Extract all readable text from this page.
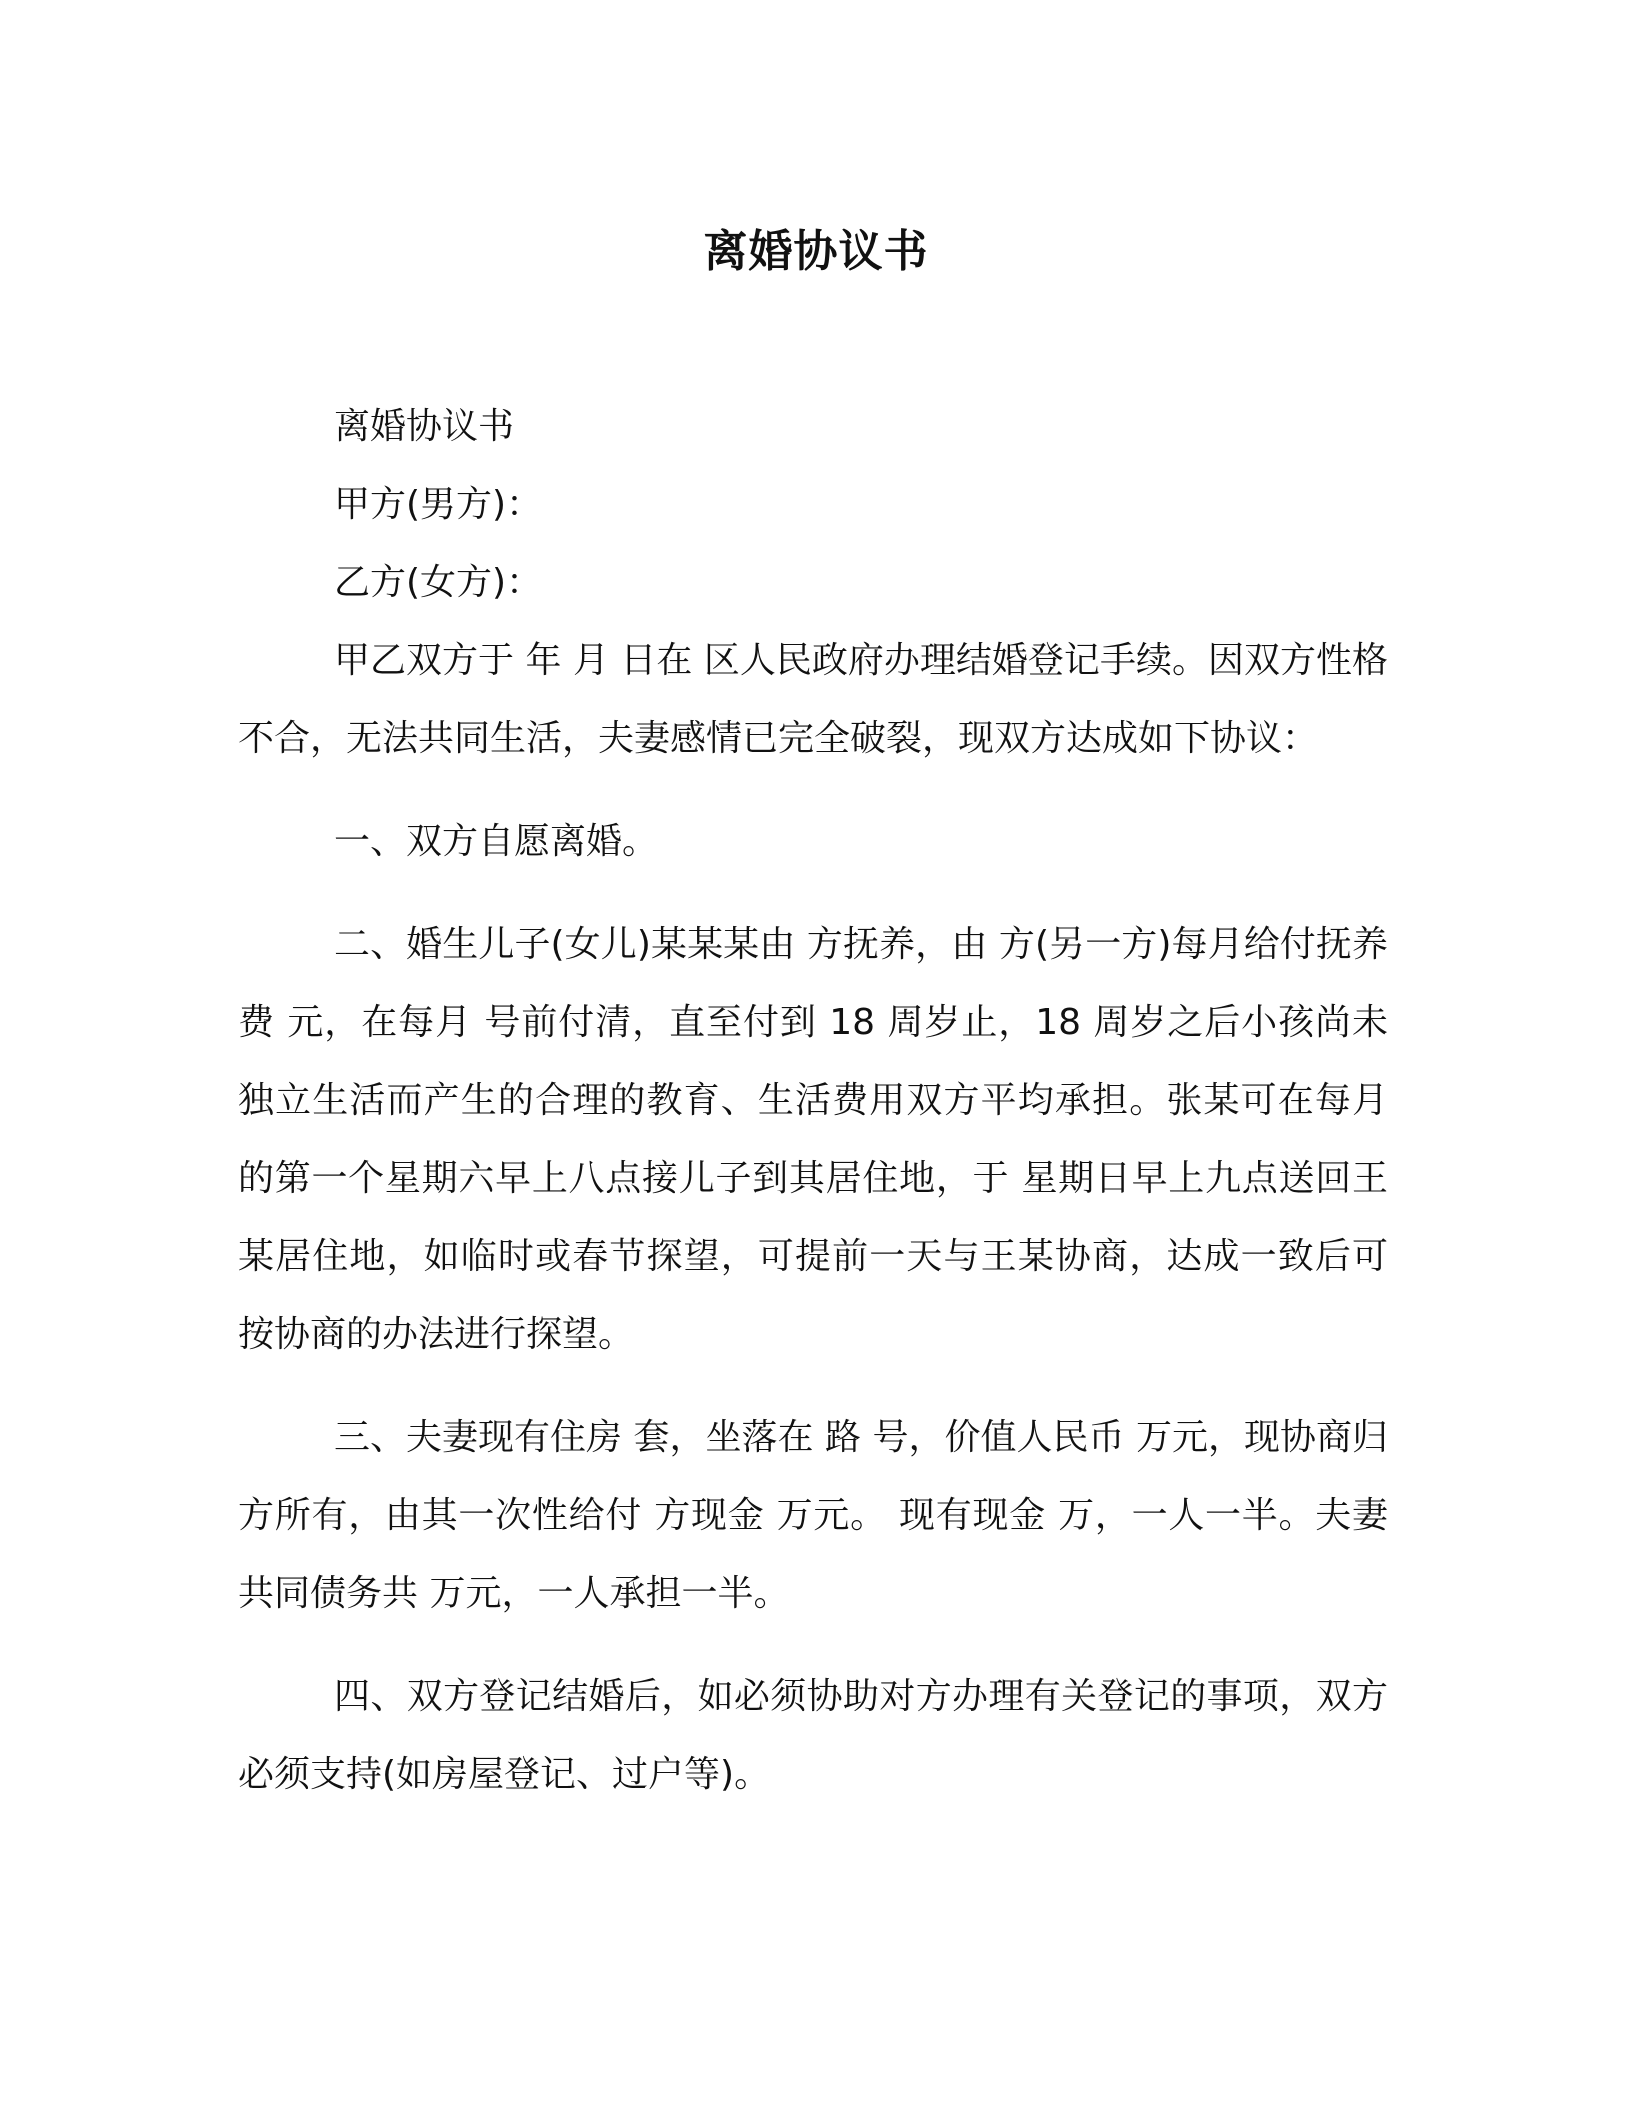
离婚协议书

离婚协议书

甲方(男方)：

乙方(女方)：

甲乙双方于 年 月 日在 区人民政府办理结婚登记手续。因双方性格不合，无法共同生活，夫妻感情已完全破裂，现双方达成如下协议：

一、双方自愿离婚。

二、婚生儿子(女儿)某某某由 方抚养，由 方(另一方)每月给付抚养费 元，在每月 号前付清，直至付到 18 周岁止，18 周岁之后小孩尚未独立生活而产生的合理的教育、生活费用双方平均承担。张某可在每月的第一个星期六早上八点接儿子到其居住地，于 星期日早上九点送回王某居住地，如临时或春节探望，可提前一天与王某协商，达成一致后可按协商的办法进行探望。

三、夫妻现有住房 套，坐落在 路 号，价值人民币 万元，现协商归 方所有，由其一次性给付 方现金 万元。 现有现金 万，一人一半。夫妻共同债务共 万元，一人承担一半。

四、双方登记结婚后，如必须协助对方办理有关登记的事项，双方必须支持(如房屋登记、过户等)。
